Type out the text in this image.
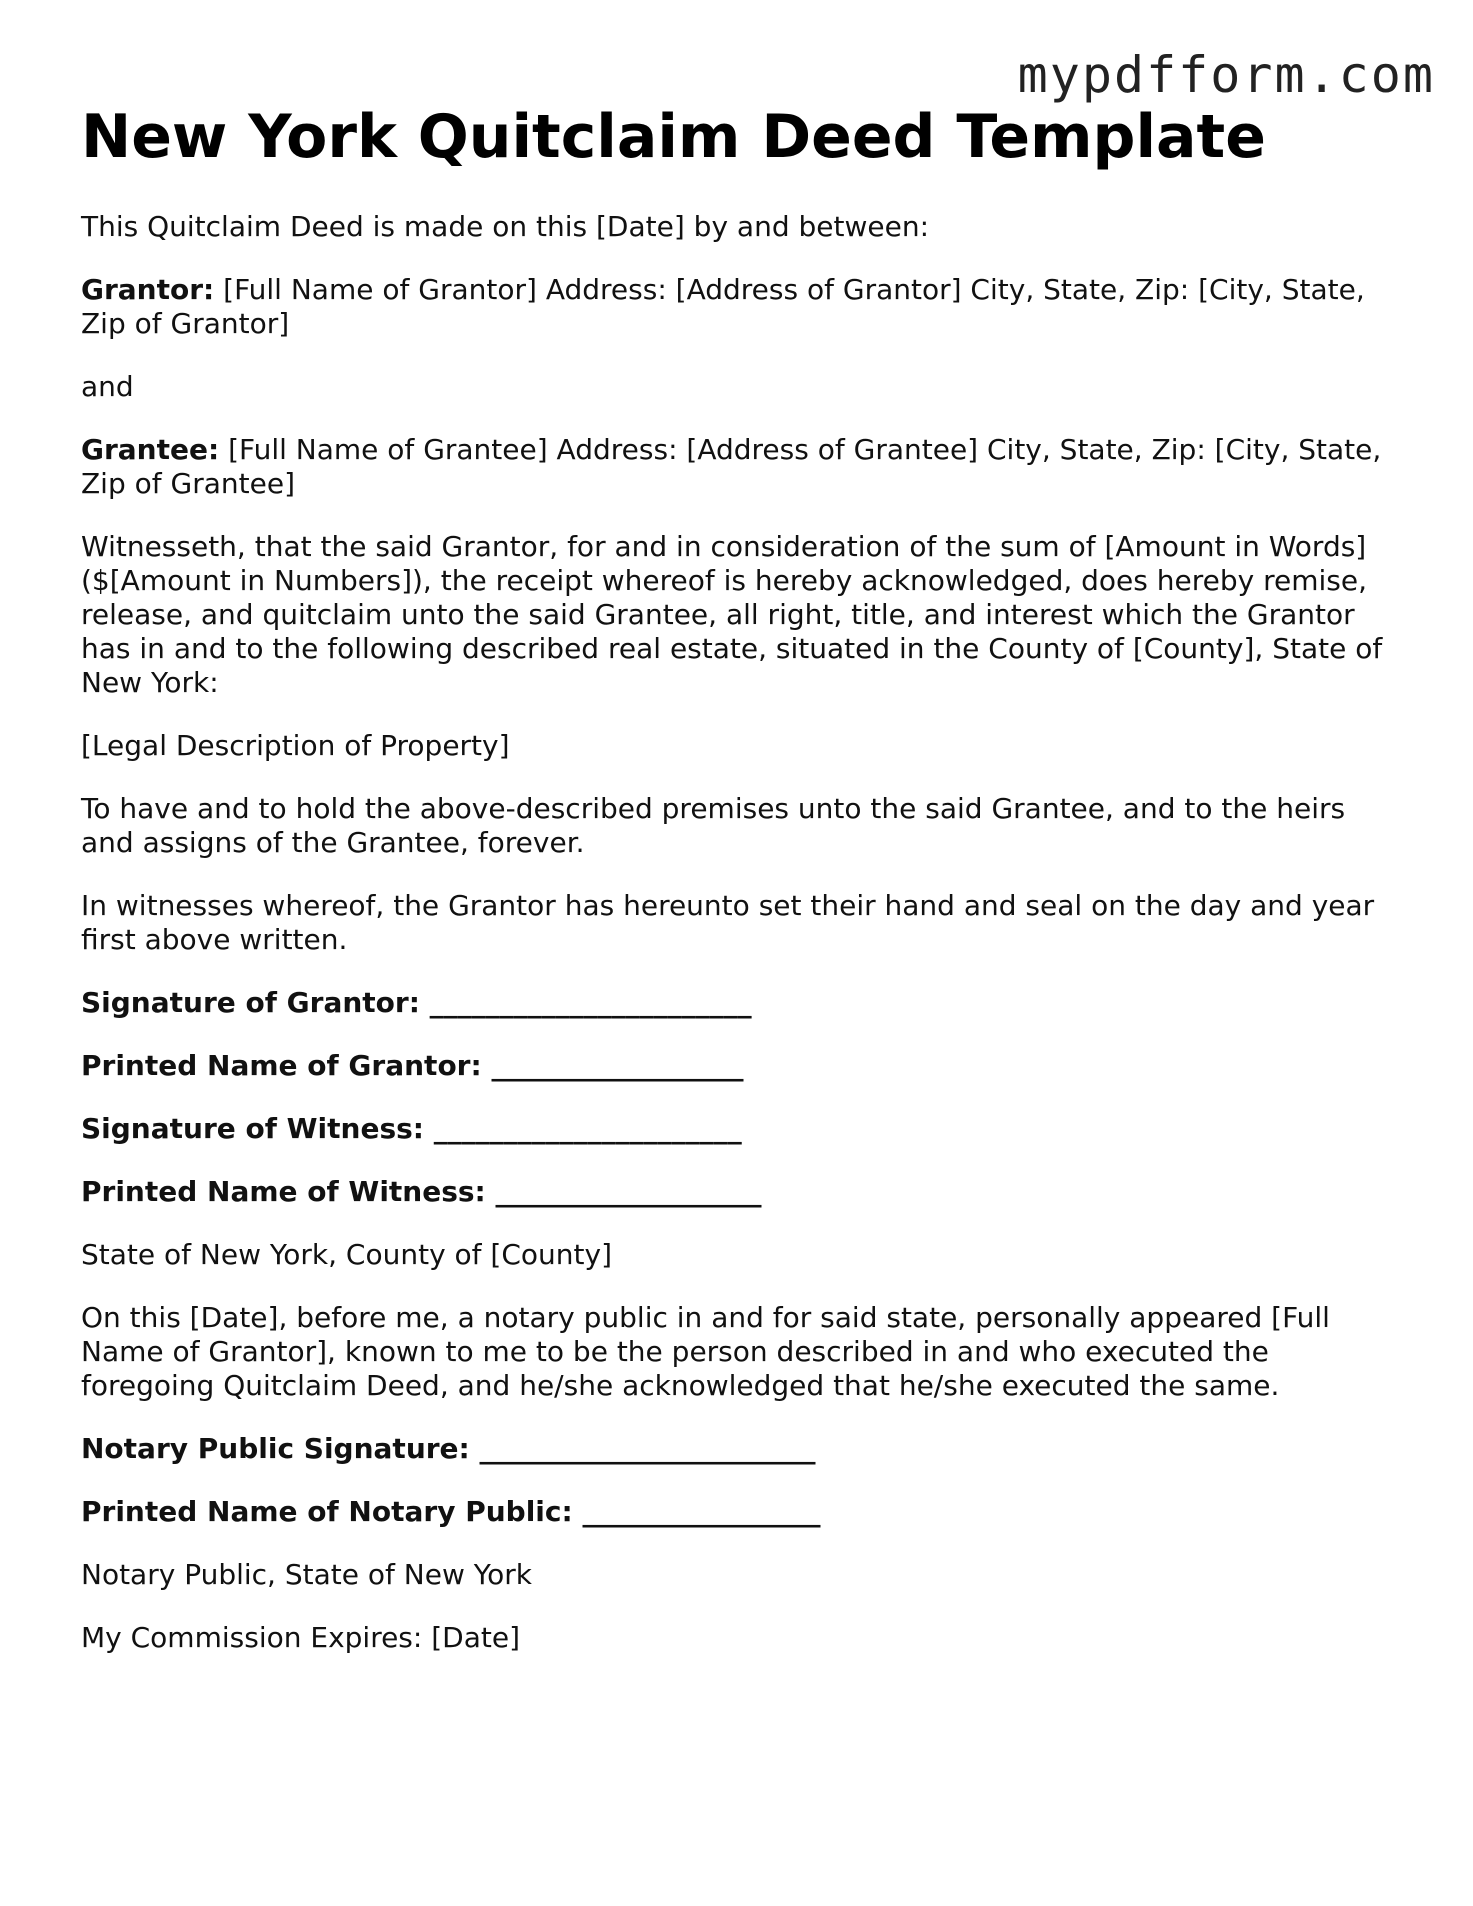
mypdfform.com
New York Quitclaim Deed Template

This Quitclaim Deed is made on this [Date] by and between:

Grantor: [Full Name of Grantor] Address: [Address of Grantor] City, State, Zip: [City, State, Zip of Grantor]

and

Grantee: [Full Name of Grantee] Address: [Address of Grantee] City, State, Zip: [City, State, Zip of Grantee]

Witnesseth, that the said Grantor, for and in consideration of the sum of [Amount in Words] ($[Amount in Numbers]), the receipt whereof is hereby acknowledged, does hereby remise, release, and quitclaim unto the said Grantee, all right, title, and interest which the Grantor has in and to the following described real estate, situated in the County of [County], State of New York:

[Legal Description of Property]

To have and to hold the above-described premises unto the said Grantee, and to the heirs and assigns of the Grantee, forever.

In witnesses whereof, the Grantor has hereunto set their hand and seal on the day and year first above written.

Signature of Grantor: _______________________

Printed Name of Grantor: __________________

Signature of Witness: ______________________

Printed Name of Witness: ___________________

State of New York, County of [County]

On this [Date], before me, a notary public in and for said state, personally appeared [Full Name of Grantor], known to me to be the person described in and who executed the foregoing Quitclaim Deed, and he/she acknowledged that he/she executed the same.

Notary Public Signature: ________________________

Printed Name of Notary Public: _________________

Notary Public, State of New York

My Commission Expires: [Date]
